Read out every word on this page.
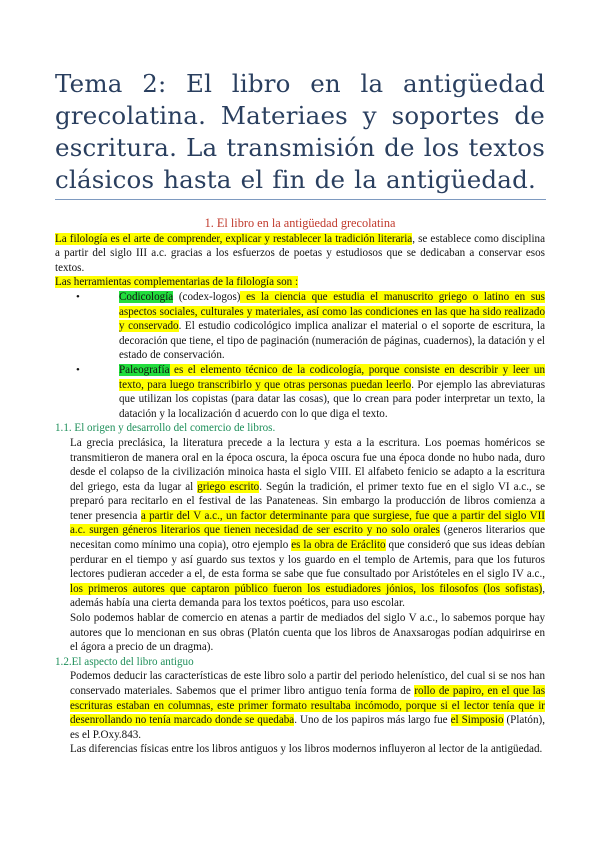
Tema 2: El libro en la antigüedad grecolatina. Materiaes y soportes de escritura. La transmisión de los textos clásicos hasta el fin de la antigüedad.
1. El libro en la antigüedad grecolatina

La filología es el arte de comprender, explicar y restablecer la tradición literaria, se establece como disciplina a partir del siglo III a.c. gracias a los esfuerzos de poetas y estudiosos que se dedicaban a conservar esos textos.

Las herramientas complementarias de la filología son :

•	Codicología (codex-logos) es la ciencia que estudia el manuscrito griego o latino en sus aspectos sociales, culturales y materiales, así como las condiciones en las que ha sido realizado y conservado. El estudio codicológico implica analizar el material o el soporte de escritura, la decoración que tiene, el tipo de paginación (numeración de páginas, cuadernos), la datación y el estado de conservación.
•	Paleografía es el elemento técnico de la codicología, porque consiste en describir y leer un texto, para luego transcribirlo y que otras personas puedan leerlo. Por ejemplo las abreviaturas que utilizan los copistas (para datar las cosas), que lo crean para poder interpretar un texto, la datación y la localización d acuerdo con lo que diga el texto.
1.1. El origen y desarrollo del comercio de libros.

La grecia preclásica, la literatura precede a la lectura y esta a la escritura. Los poemas homéricos se transmitieron de manera oral en la época oscura, la época oscura fue una época donde no hubo nada, duro desde el colapso de la civilización minoica hasta el siglo VIII. El alfabeto fenicio se adapto a la escritura del griego, esta da lugar al griego escrito. Según la tradición, el primer texto fue en el siglo VI a.c., se preparó para recitarlo en el festival de las Panateneas. Sin embargo la producción de libros comienza a tener presencia a partir del V a.c., un factor determinante para que surgiese, fue que a partir del siglo VII a.c. surgen géneros literarios que tienen necesidad de ser escrito y no solo orales (generos literarios que necesitan como mínimo una copia), otro ejemplo es la obra de Eráclito que consideró que sus ideas debían perdurar en el tiempo y así guardo sus textos y los guardo en el templo de Artemis, para que los futuros lectores pudieran acceder a el, de esta forma se sabe que fue consultado por Aristóteles en el siglo IV a.c., los primeros autores que captaron público fueron los estudiadores jónios, los filosofos (los sofistas), además había una cierta demanda para los textos poéticos, para uso escolar.

Solo podemos hablar de comercio en atenas a partir de mediados del siglo V a.c., lo sabemos porque hay autores que lo mencionan en sus obras (Platón cuenta que los libros de Anaxsarogas podían adquirirse en el ágora a precio de un dragma).

1.2.El aspecto del libro antiguo

Podemos deducir las características de este libro solo a partir del periodo helenístico, del cual si se nos han conservado materiales. Sabemos que el primer libro antiguo tenía forma de rollo de papiro, en el que las escrituras estaban en columnas, este primer formato resultaba incómodo, porque si el lector tenía que ir desenrollando no tenía marcado donde se quedaba. Uno de los papiros más largo fue el Simposio (Platón), es el P.Oxy.843.

Las diferencias físicas entre los libros antiguos y los libros modernos influyeron al lector de la antigüedad.
